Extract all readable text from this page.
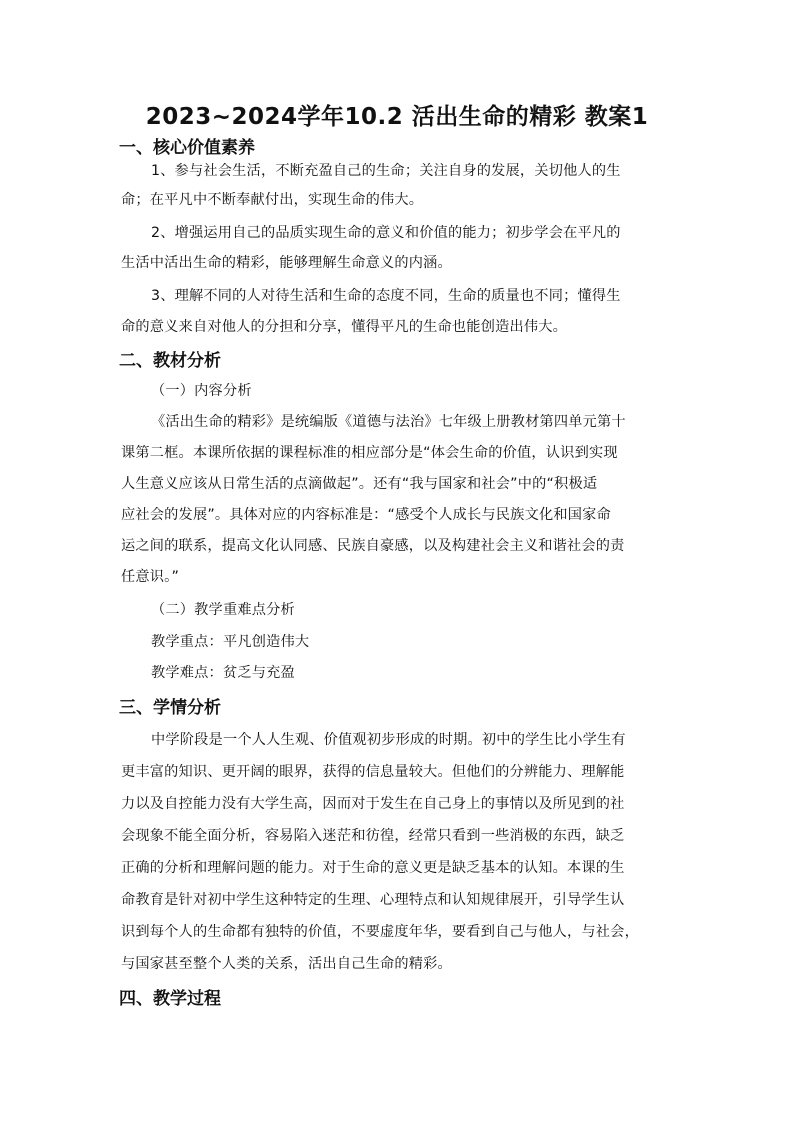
2023~2024学年10.2 活出生命的精彩 教案1
一、核心价值素养
1、参与社会生活，不断充盈自己的生命；关注自身的发展，关切他人的生
命；在平凡中不断奉献付出，实现生命的伟大。
2、增强运用自己的品质实现生命的意义和价值的能力；初步学会在平凡的
生活中活出生命的精彩，能够理解生命意义的内涵。
3、理解不同的人对待生活和生命的态度不同，生命的质量也不同；懂得生
命的意义来自对他人的分担和分享，懂得平凡的生命也能创造出伟大。
二、教材分析
（一）内容分析
《活出生命的精彩》是统编版《道德与法治》七年级上册教材第四单元第十
课第二框。本课所依据的课程标准的相应部分是“体会生命的价值，认识到实现
人生意义应该从日常生活的点滴做起”。还有“我与国家和社会”中的“积极适
应社会的发展”。具体对应的内容标准是：“感受个人成长与民族文化和国家命
运之间的联系，提高文化认同感、民族自豪感，以及构建社会主义和谐社会的责
任意识。”
（二）教学重难点分析
教学重点：平凡创造伟大
教学难点：贫乏与充盈
三、学情分析
中学阶段是一个人人生观、价值观初步形成的时期。初中的学生比小学生有
更丰富的知识、更开阔的眼界，获得的信息量较大。但他们的分辨能力、理解能
力以及自控能力没有大学生高，因而对于发生在自己身上的事情以及所见到的社
会现象不能全面分析，容易陷入迷茫和彷徨，经常只看到一些消极的东西，缺乏
正确的分析和理解问题的能力。对于生命的意义更是缺乏基本的认知。本课的生
命教育是针对初中学生这种特定的生理、心理特点和认知规律展开，引导学生认
识到每个人的生命都有独特的价值，不要虚度年华，要看到自己与他人，与社会，
与国家甚至整个人类的关系，活出自己生命的精彩。
四、教学过程
